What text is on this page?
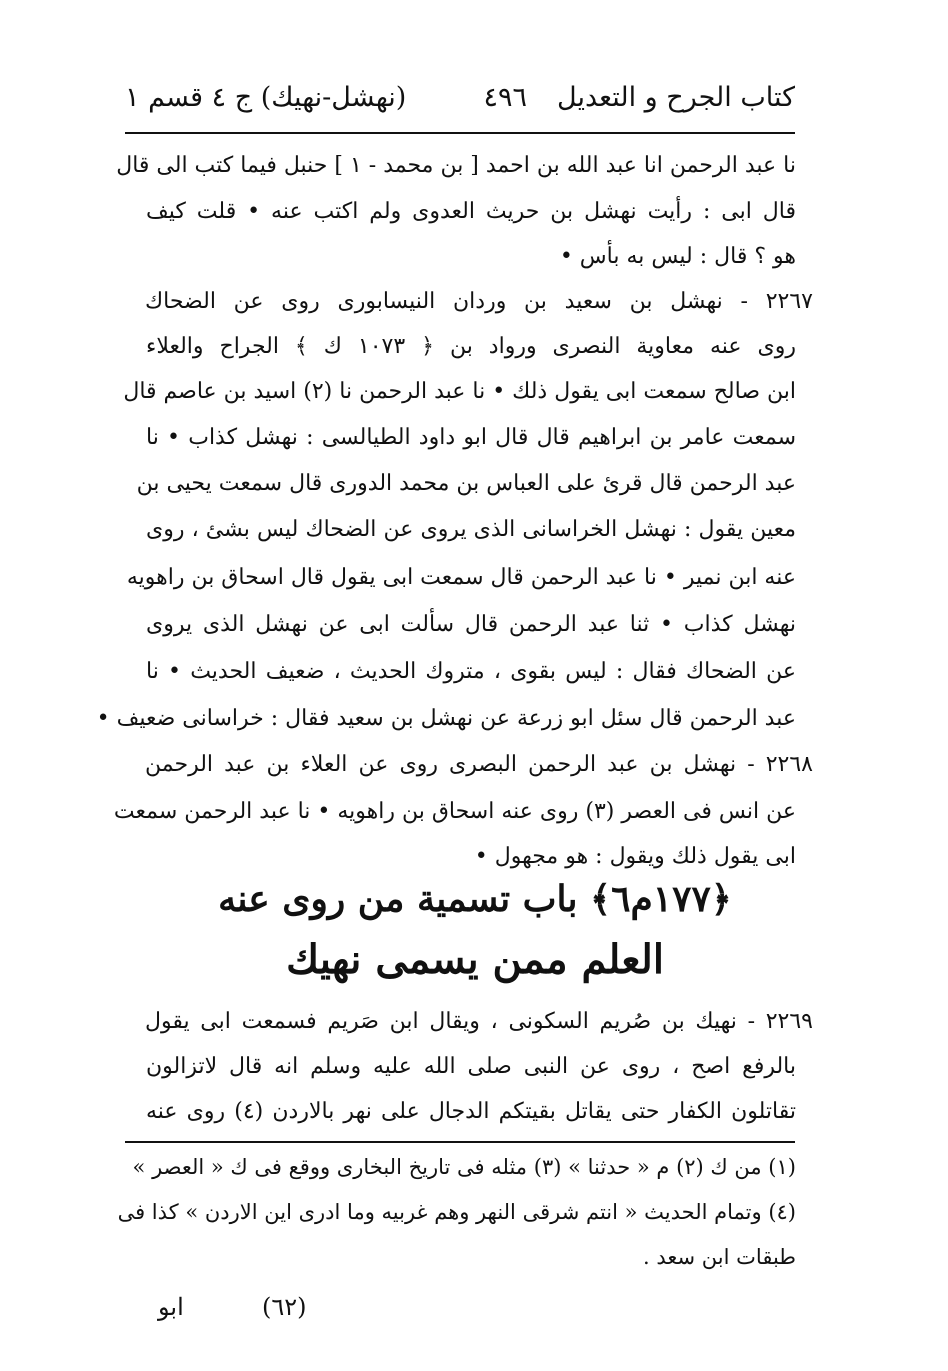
كتاب الجرح و التعديل
٤٩٦
(نهشل-نهيك) ج ٤ قسم ١
نا عبد الرحمن انا عبد الله بن احمد [ بن محمد - ١ ] حنبل فيما كتب الى قال
قال ابى : رأيت نهشل بن حريث العدوى ولم اكتب عنه • قلت كيف
هو ؟ قال : ليس به بأس •
٢٢٦٧ - نهشل بن سعيد بن وردان النيسابورى روى عن الضحاك
روى عنه معاوية النصرى ورواد بن ﴿ ١٠٧٣ ك ﴾ الجراح والعلاء
ابن صالح سمعت ابى يقول ذلك • نا عبد الرحمن نا (٢) اسيد بن عاصم قال
سمعت عامر بن ابراهيم قال قال ابو داود الطيالسى : نهشل كذاب • نا
عبد الرحمن قال قرئ على العباس بن محمد الدورى قال سمعت يحيى بن
معين يقول : نهشل الخراسانى الذى يروى عن الضحاك ليس بشئ ، روى
عنه ابن نمير • نا عبد الرحمن قال سمعت ابى يقول قال اسحاق بن راهويه
نهشل كذاب • ثنا عبد الرحمن قال سألت ابى عن نهشل الذى يروى
عن الضحاك فقال : ليس بقوى ، متروك الحديث ، ضعيف الحديث • نا
عبد الرحمن قال سئل ابو زرعة عن نهشل بن سعيد فقال : خراسانى ضعيف •
٢٢٦٨ - نهشل بن عبد الرحمن البصرى روى عن العلاء بن عبد الرحمن
عن انس فى العصر (٣) روى عنه اسحاق بن راهويه • نا عبد الرحمن سمعت
ابى يقول ذلك ويقول : هو مجهول •
﴿١٧٧م٦﴾ باب تسمية من روى عنه
العلم ممن يسمى نهيك
٢٢٦٩ - نهيك بن صُريم السكونى ، ويقال ابن صَريم فسمعت ابى يقول
بالرفع اصح ، روى عن النبى صلى الله عليه وسلم انه قال لاتزالون
تقاتلون الكفار حتى يقاتل بقيتكم الدجال على نهر بالاردن (٤) روى عنه
(١) من ك (٢) م « حدثنا » (٣) مثله فى تاريخ البخارى ووقع فى ك « العصر »
(٤) وتمام الحديث « انتم شرقى النهر وهم غربيه وما ادرى اين الاردن » كذا فى
طبقات ابن سعد .
(٦٢)
ابو
